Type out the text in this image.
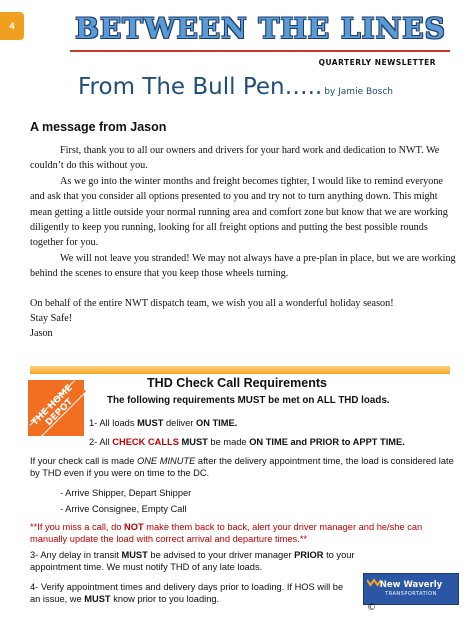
4	BETWEEN THE LINES
QUARTERLY NEWSLETTER
From The Bull Pen….. by Jamie Bosch
A message from Jason

First, thank you to all our owners and drivers for your hard work and dedication to NWT. We couldn’t do this without you.

As we go into the winter months and freight becomes tighter, I would like to remind everyone and ask that you consider all options presented to you and try not to turn anything down. This might mean getting a little outside your normal running area and comfort zone but know that we are working diligently to keep you running, looking for all freight options and putting the best possible rounds together for you.

We will not leave you stranded! We may not always have a pre-plan in place, but we are working behind the scenes to ensure that you keep those wheels turning.

On behalf of the entire NWT dispatch team, we wish you all a wonderful holiday season!

Stay Safe!

Jason

THE HOME DEPOT
THD Check Call Requirements
The following requirements MUST be met on ALL THD loads.
1- All loads MUST deliver ON TIME.
2- All CHECK CALLS MUST be made ON TIME and PRIOR to APPT TIME.
If your check call is made ONE MINUTE after the delivery appointment time, the load is considered late by THD even if you were on time to the DC.
- Arrive Shipper, Depart Shipper
- Arrive Consignee, Empty Call
**If you miss a call, do NOT make them back to back, alert your driver manager and he/she can manually update the load with correct arrival and departure times.**
3- Any delay in transit MUST be advised to your driver manager PRIOR to your appointment time. We must notify THD of any late loads.
4- Verify appointment times and delivery days prior to loading. If HOS will be an issue, we MUST know prior to you loading.
New Waverly
TRANSPORTATION
©
